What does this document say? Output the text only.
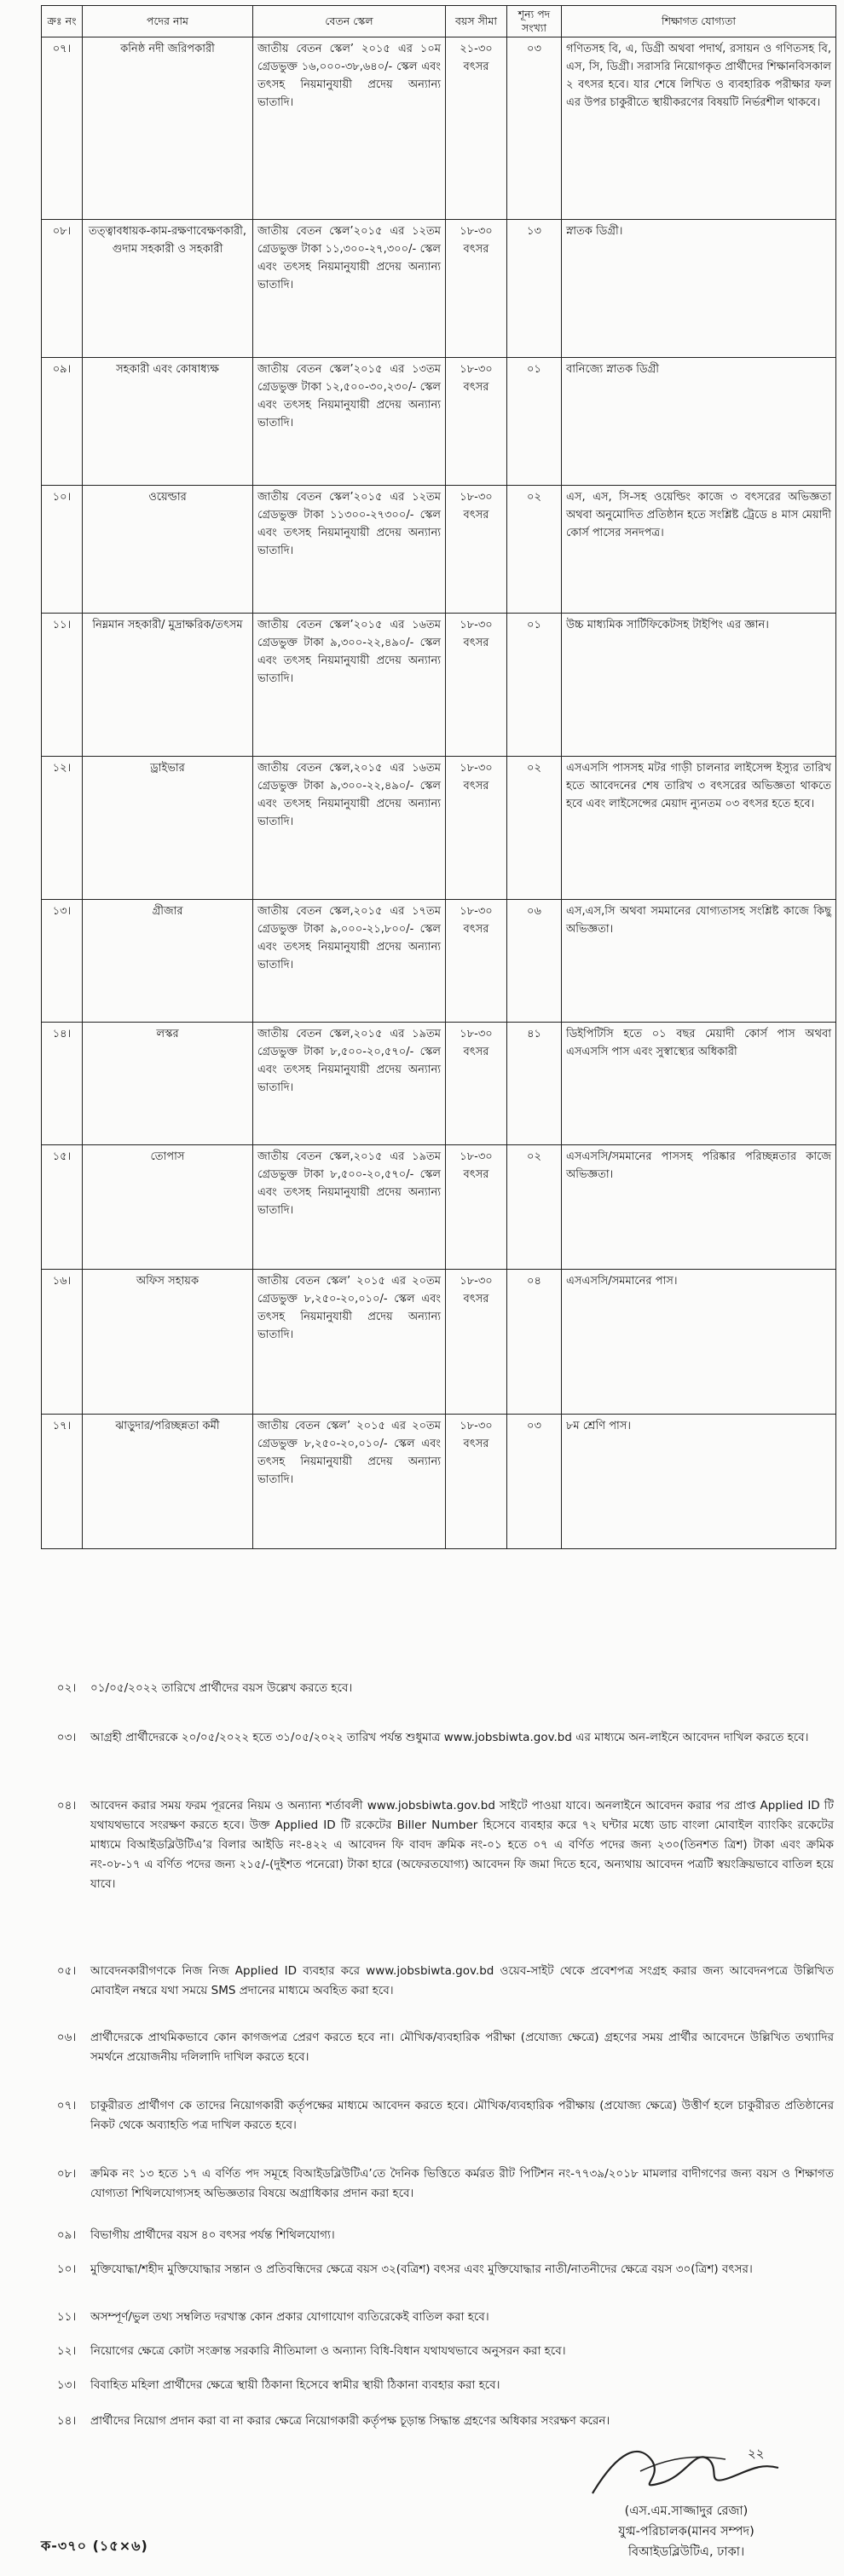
ক্রঃ নং	পদের নাম	বেতন স্কেল	বয়স সীমা	শূন্য পদ সংখ্যা	শিক্ষাগত যোগ্যতা
০৭।	কনিষ্ঠ নদী জরিপকারী	জাতীয় বেতন স্কেল’ ২০১৫ এর ১০ম গ্রেডভুক্ত ১৬,০০০-৩৮,৬৪০/- স্কেল এবং তৎসহ নিয়মানুযায়ী প্রদেয় অন্যান্য ভাতাদি।	২১-৩০ বৎসর	০৩	গণিতসহ বি, এ, ডিগ্রী অথবা পদার্থ, রসায়ন ও গণিতসহ বি, এস, সি, ডিগ্রী। সরাসরি নিয়োগকৃত প্রার্থীদের শিক্ষানবিসকাল ২ বৎসর হবে। যার শেষে লিখিত ও ব্যবহারিক পরীক্ষার ফল এর উপর চাকুরীতে স্থায়ীকরণের বিষয়টি নির্ভরশীল থাকবে।
০৮।	তত্ত্বাবধায়ক-কাম-রক্ষণাবেক্ষণকারী, গুদাম সহকারী ও সহকারী	জাতীয় বেতন স্কেল’২০১৫ এর ১২তম গ্রেডভুক্ত টাকা ১১,৩০০-২৭,৩০০/- স্কেল এবং তৎসহ নিয়মানুযায়ী প্রদেয় অন্যান্য ভাতাদি।	১৮-৩০ বৎসর	১৩	স্নাতক ডিগ্রী।
০৯।	সহকারী এবং কোষাধ্যক্ষ	জাতীয় বেতন স্কেল’২০১৫ এর ১৩তম গ্রেডভুক্ত টাকা ১২,৫০০-৩০,২৩০/- স্কেল এবং তৎসহ নিয়মানুযায়ী প্রদেয় অন্যান্য ভাতাদি।	১৮-৩০ বৎসর	০১	বানিজ্যে স্নাতক ডিগ্রী
১০।	ওয়েল্ডার	জাতীয় বেতন স্কেল’২০১৫ এর ১২তম গ্রেডভুক্ত টাকা ১১৩০০-২৭৩০০/- স্কেল এবং তৎসহ নিয়মানুযায়ী প্রদেয় অন্যান্য ভাতাদি।	১৮-৩০ বৎসর	০২	এস, এস, সি-সহ ওয়েল্ডিং কাজে ৩ বৎসরের অভিজ্ঞতা অথবা অনুমোদিত প্রতিষ্ঠান হতে সংশ্লিষ্ট ট্রেডে ৪ মাস মেয়াদী কোর্স পাসের সনদপত্র।
১১।	নিম্নমান সহকারী/ মুদ্রাক্ষরিক/তৎসম	জাতীয় বেতন স্কেল’২০১৫ এর ১৬তম গ্রেডভুক্ত টাকা ৯,৩০০-২২,৪৯০/- স্কেল এবং তৎসহ নিয়মানুযায়ী প্রদেয় অন্যান্য ভাতাদি।	১৮-৩০ বৎসর	০১	উচ্চ মাধ্যমিক সার্টিফিকেটসহ টাইপিং এর জ্ঞান।
১২।	ড্রাইভার	জাতীয় বেতন স্কেল,২০১৫ এর ১৬তম গ্রেডভুক্ত টাকা ৯,৩০০-২২,৪৯০/- স্কেল এবং তৎসহ নিয়মানুযায়ী প্রদেয় অন্যান্য ভাতাদি।	১৮-৩০ বৎসর	০২	এসএসসি পাসসহ মটর গাড়ী চালনার লাইসেন্স ইস্যুর তারিখ হতে আবেদনের শেষ তারিখ ৩ বৎসরের অভিজ্ঞতা থাকতে হবে এবং লাইসেন্সের মেয়াদ ন্যুনতম ০৩ বৎসর হতে হবে।
১৩।	গ্রীজার	জাতীয় বেতন স্কেল,২০১৫ এর ১৭তম গ্রেডভুক্ত টাকা ৯,০০০-২১,৮০০/- স্কেল এবং তৎসহ নিয়মানুযায়ী প্রদেয় অন্যান্য ভাতাদি।	১৮-৩০ বৎসর	০৬	এস,এস,সি অথবা সমমানের যোগ্যতাসহ সংশ্লিষ্ট কাজে কিছু অভিজ্ঞতা।
১৪।	লস্কর	জাতীয় বেতন স্কেল,২০১৫ এর ১৯তম গ্রেডভুক্ত টাকা ৮,৫০০-২০,৫৭০/- স্কেল এবং তৎসহ নিয়মানুযায়ী প্রদেয় অন্যান্য ভাতাদি।	১৮-৩০ বৎসর	৪১	ডিইপিটিসি হতে ০১ বছর মেয়াদী কোর্স পাস অথবা এসএসসি পাস এবং সুস্বাস্থ্যের অধিকারী
১৫।	তোপাস	জাতীয় বেতন স্কেল,২০১৫ এর ১৯তম গ্রেডভুক্ত টাকা ৮,৫০০-২০,৫৭০/- স্কেল এবং তৎসহ নিয়মানুযায়ী প্রদেয় অন্যান্য ভাতাদি।	১৮-৩০ বৎসর	০২	এসএসসি/সমমানের পাসসহ পরিষ্কার পরিচ্ছন্নতার কাজে অভিজ্ঞতা।
১৬।	অফিস সহায়ক	জাতীয় বেতন স্কেল’ ২০১৫ এর ২০তম গ্রেডভুক্ত ৮,২৫০-২০,০১০/- স্কেল এবং তৎসহ নিয়মানুযায়ী প্রদেয় অন্যান্য ভাতাদি।	১৮-৩০ বৎসর	০৪	এসএসসি/সমমানের পাস।
১৭।	ঝাড়ুদার/পরিচ্ছন্নতা কর্মী	জাতীয় বেতন স্কেল’ ২০১৫ এর ২০তম গ্রেডভুক্ত ৮,২৫০-২০,০১০/- স্কেল এবং তৎসহ নিয়মানুযায়ী প্রদেয় অন্যান্য ভাতাদি।	১৮-৩০ বৎসর	০৩	৮ম শ্রেণি পাস।
০২।	০১/০৫/২০২২ তারিখে প্রার্থীদের বয়স উল্লেখ করতে হবে।
০৩।	আগ্রহী প্রার্থীদেরকে ২০/০৫/২০২২ হতে ৩১/০৫/২০২২ তারিখ পর্যন্ত শুধুমাত্র www.jobsbiwta.gov.bd এর মাধ্যমে অন-লাইনে আবেদন দাখিল করতে হবে।
০৪।	আবেদন করার সময় ফরম পূরনের নিয়ম ও অন্যান্য শর্তাবলী www.jobsbiwta.gov.bd সাইটে পাওয়া যাবে। অনলাইনে আবেদন করার পর প্রাপ্ত Applied ID টি যথাযথভাবে সংরক্ষণ করতে হবে। উক্ত Applied ID টি রকেটের Biller Number হিসেবে ব্যবহার করে ৭২ ঘন্টার মধ্যে ডাচ বাংলা মোবাইল ব্যাংকিং রকেটের মাধ্যমে বিআইডব্লিউটিএ’র বিলার আইডি নং-৪২২ এ আবেদন ফি বাবদ ক্রমিক নং-০১ হতে ০৭ এ বর্ণিত পদের জন্য ২৩০(তিনশত ত্রিশ) টাকা এবং ক্রমিক নং-০৮-১৭ এ বর্ণিত পদের জন্য ২১৫/-(দুইশত পনেরো) টাকা হারে (অফেরতযোগ্য) আবেদন ফি জমা দিতে হবে, অন্যথায় আবেদন পত্রটি স্বয়ংক্রিয়ভাবে বাতিল হয়ে যাবে।
০৫।	আবেদনকারীগণকে নিজ নিজ Applied ID ব্যবহার করে www.jobsbiwta.gov.bd ওয়েব-সাইট থেকে প্রবেশপত্র সংগ্রহ করার জন্য আবেদনপত্রে উল্লিখিত মোবাইল নম্বরে যথা সময়ে SMS প্রদানের মাধ্যমে অবহিত করা হবে।
০৬।	প্রার্থীদেরকে প্রাথমিকভাবে কোন কাগজপত্র প্রেরণ করতে হবে না। মৌখিক/ব্যবহারিক পরীক্ষা (প্রযোজ্য ক্ষেত্রে) গ্রহণের সময় প্রার্থীর আবেদনে উল্লিখিত তথ্যাদির সমর্থনে প্রয়োজনীয় দলিলাদি দাখিল করতে হবে।
০৭।	চাকুরীরত প্রার্থীগণ কে তাদের নিয়োগকারী কর্তৃপক্ষের মাধ্যমে আবেদন করতে হবে। মৌখিক/ব্যবহারিক পরীক্ষায় (প্রযোজ্য ক্ষেত্রে) উত্তীর্ণ হলে চাকুরীরত প্রতিষ্ঠানের নিকট থেকে অব্যাহতি পত্র দাখিল করতে হবে।
০৮।	ক্রমিক নং ১৩ হতে ১৭ এ বর্ণিত পদ সমূহে বিআইডব্লিউটিএ’তে দৈনিক ভিত্তিতে কর্মরত রীট পিটিশন নং-৭৭৩৯/২০১৮ মামলার বাদীগণের জন্য বয়স ও শিক্ষাগত যোগ্যতা শিথিলযোগ্যসহ অভিজ্ঞতার বিষয়ে অগ্রাধিকার প্রদান করা হবে।
০৯।	বিভাগীয় প্রার্থীদের বয়স ৪০ বৎসর পর্যন্ত শিথিলযোগ্য।
১০।	মুক্তিযোদ্ধা/শহীদ মুক্তিযোদ্ধার সন্তান ও প্রতিবন্ধিদের ক্ষেত্রে বয়স ৩২(বত্রিশ) বৎসর এবং মুক্তিযোদ্ধার নাতী/নাতনীদের ক্ষেত্রে বয়স ৩০(ত্রিশ) বৎসর।
১১।	অসম্পূর্ণ/ভুল তথ্য সম্বলিত দরখাস্ত কোন প্রকার যোগাযোগ ব্যতিরেকেই বাতিল করা হবে।
১২।	নিয়োগের ক্ষেত্রে কোটা সংক্রান্ত সরকারি নীতিমালা ও অন্যান্য বিধি-বিধান যথাযথভাবে অনুসরন করা হবে।
১৩।	বিবাহিত মহিলা প্রার্থীদের ক্ষেত্রে স্থায়ী ঠিকানা হিসেবে স্বামীর স্থায়ী ঠিকানা ব্যবহার করা হবে।
১৪।	প্রার্থীদের নিয়োগ প্রদান করা বা না করার ক্ষেত্রে নিয়োগকারী কর্তৃপক্ষ চূড়ান্ত সিদ্ধান্ত গ্রহণের অধিকার সংরক্ষণ করেন।
২২
(এস.এম.সাজ্জাদুর রেজা)
যুগ্ম-পরিচালক(মানব সম্পদ)
বিআইডব্লিউটিএ, ঢাকা।
ক-৩৭০ (১৫×৬)
